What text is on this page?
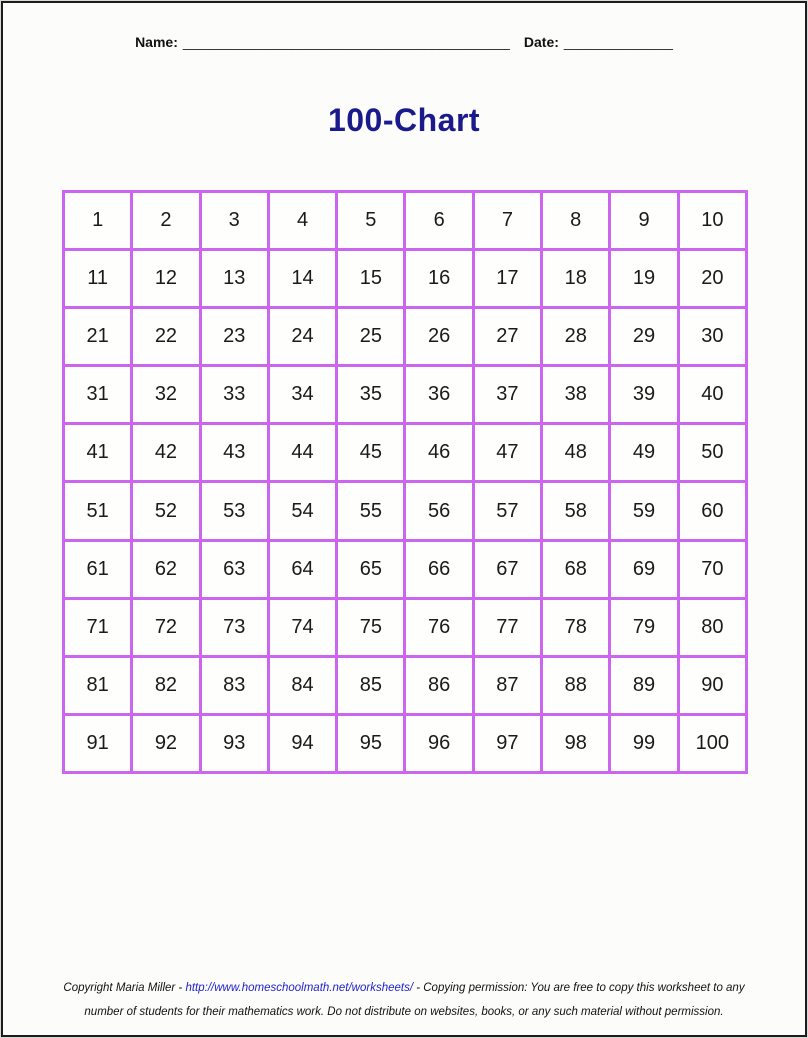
Name: __________________________________________ Date: ______________
100-Chart
1	2	3	4	5	6	7	8	9	10
11	12	13	14	15	16	17	18	19	20
21	22	23	24	25	26	27	28	29	30
31	32	33	34	35	36	37	38	39	40
41	42	43	44	45	46	47	48	49	50
51	52	53	54	55	56	57	58	59	60
61	62	63	64	65	66	67	68	69	70
71	72	73	74	75	76	77	78	79	80
81	82	83	84	85	86	87	88	89	90
91	92	93	94	95	96	97	98	99	100
Copyright Maria Miller - http://www.homeschoolmath.net/worksheets/ - Copying permission: You are free to copy this worksheet to any
number of students for their mathematics work. Do not distribute on websites, books, or any such material without permission.
